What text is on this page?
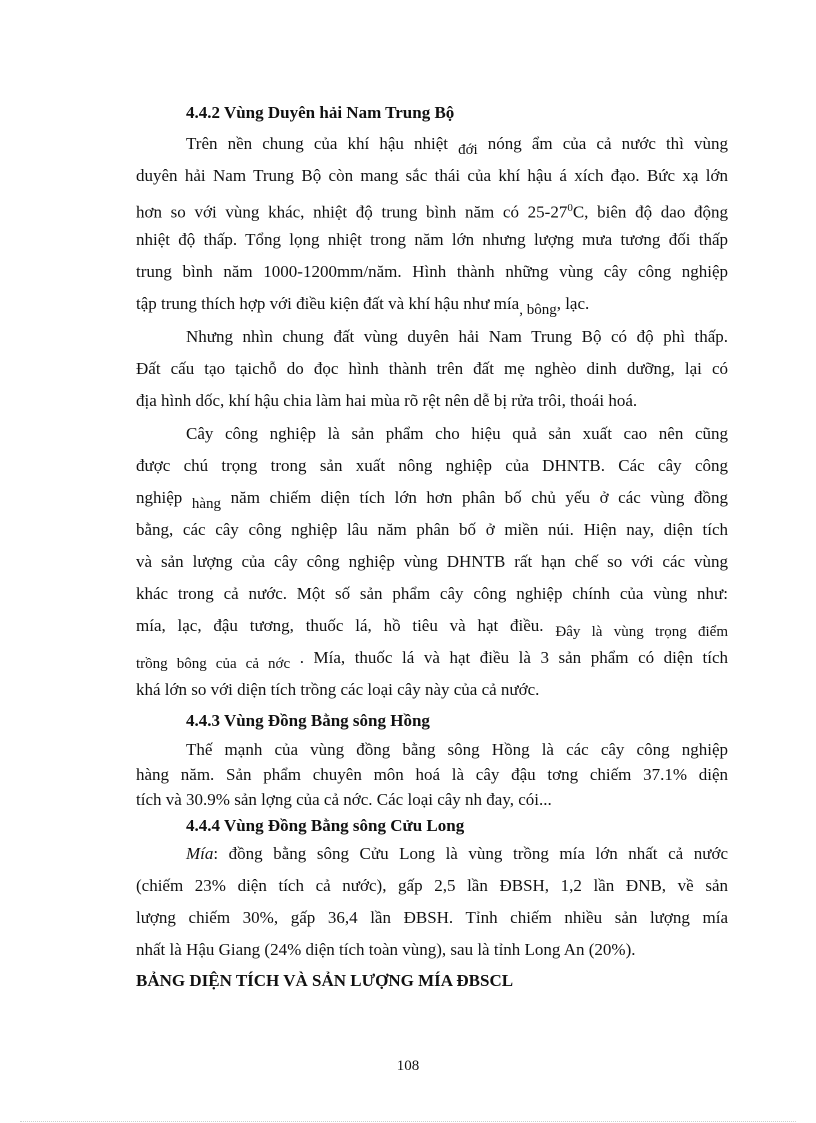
4.4.2 Vùng Duyên hải Nam Trung Bộ
Trên nền chung của khí hậu nhiệt đới nóng ẩm của cả nước thì vùng
duyên hải Nam Trung Bộ còn mang sắc thái của khí hậu á xích đạo. Bức xạ lớn
hơn so với vùng khác, nhiệt độ trung bình năm có $25-27^0C$, biên độ dao động
nhiệt độ thấp. Tổng lọng nhiệt trong năm lớn nhưng lượng mưa tương đối thấp
trung bình năm 1000-1200mm/năm. Hình thành những vùng cây công nghiệp
tập trung thích hợp với điều kiện đất và khí hậu như mía, bông, lạc.
Nhưng nhìn chung đất vùng duyên hải Nam Trung Bộ có độ phì thấp.
Đất cấu tạo tạichỗ do đọc hình thành trên đất mẹ nghèo dinh dưỡng, lại có
địa hình dốc, khí hậu chia làm hai mùa rõ rệt nên dễ bị rửa trôi, thoái hoá.
Cây công nghiệp là sản phẩm cho hiệu quả sản xuất cao nên cũng
được chú trọng trong sản xuất nông nghiệp của DHNTB. Các cây công
nghiệp hàng năm chiếm diện tích lớn hơn phân bố chủ yếu ở các vùng đồng
bằng, các cây công nghiệp lâu năm phân bố ở miền núi. Hiện nay, diện tích
và sản lượng của cây công nghiệp vùng DHNTB rất hạn chế so với các vùng
khác trong cả nước. Một số sản phẩm cây công nghiệp chính của vùng như:
mía, lạc, đậu tương, thuốc lá, hồ tiêu và hạt điều. Đây là vùng trọng điểm
trồng bông của cả nớc . Mía, thuốc lá và hạt điều là 3 sản phẩm có diện tích
khá lớn so với diện tích trồng các loại cây này của cả nước.
4.4.3 Vùng Đồng Bằng sông Hồng
Thế mạnh của vùng đồng bằng sông Hồng là các cây công nghiệp
hàng năm. Sản phẩm chuyên môn hoá là cây đậu tơng chiếm 37.1% diện
tích và 30.9% sản lợng của cả nớc. Các loại cây nh đay, cói...
4.4.4 Vùng Đồng Bằng sông Cửu Long
Mía: đồng bằng sông Cửu Long là vùng trồng mía lớn nhất cả nước
(chiếm 23% diện tích cả nước), gấp 2,5 lần ĐBSH, 1,2 lần ĐNB, về sản
lượng chiếm 30%, gấp 36,4 lần ĐBSH. Tỉnh chiếm nhiều sản lượng mía
nhất là Hậu Giang (24% diện tích toàn vùng), sau là tỉnh Long An (20%).
BẢNG DIỆN TÍCH VÀ SẢN LƯỢNG MÍA ĐBSCL
108
